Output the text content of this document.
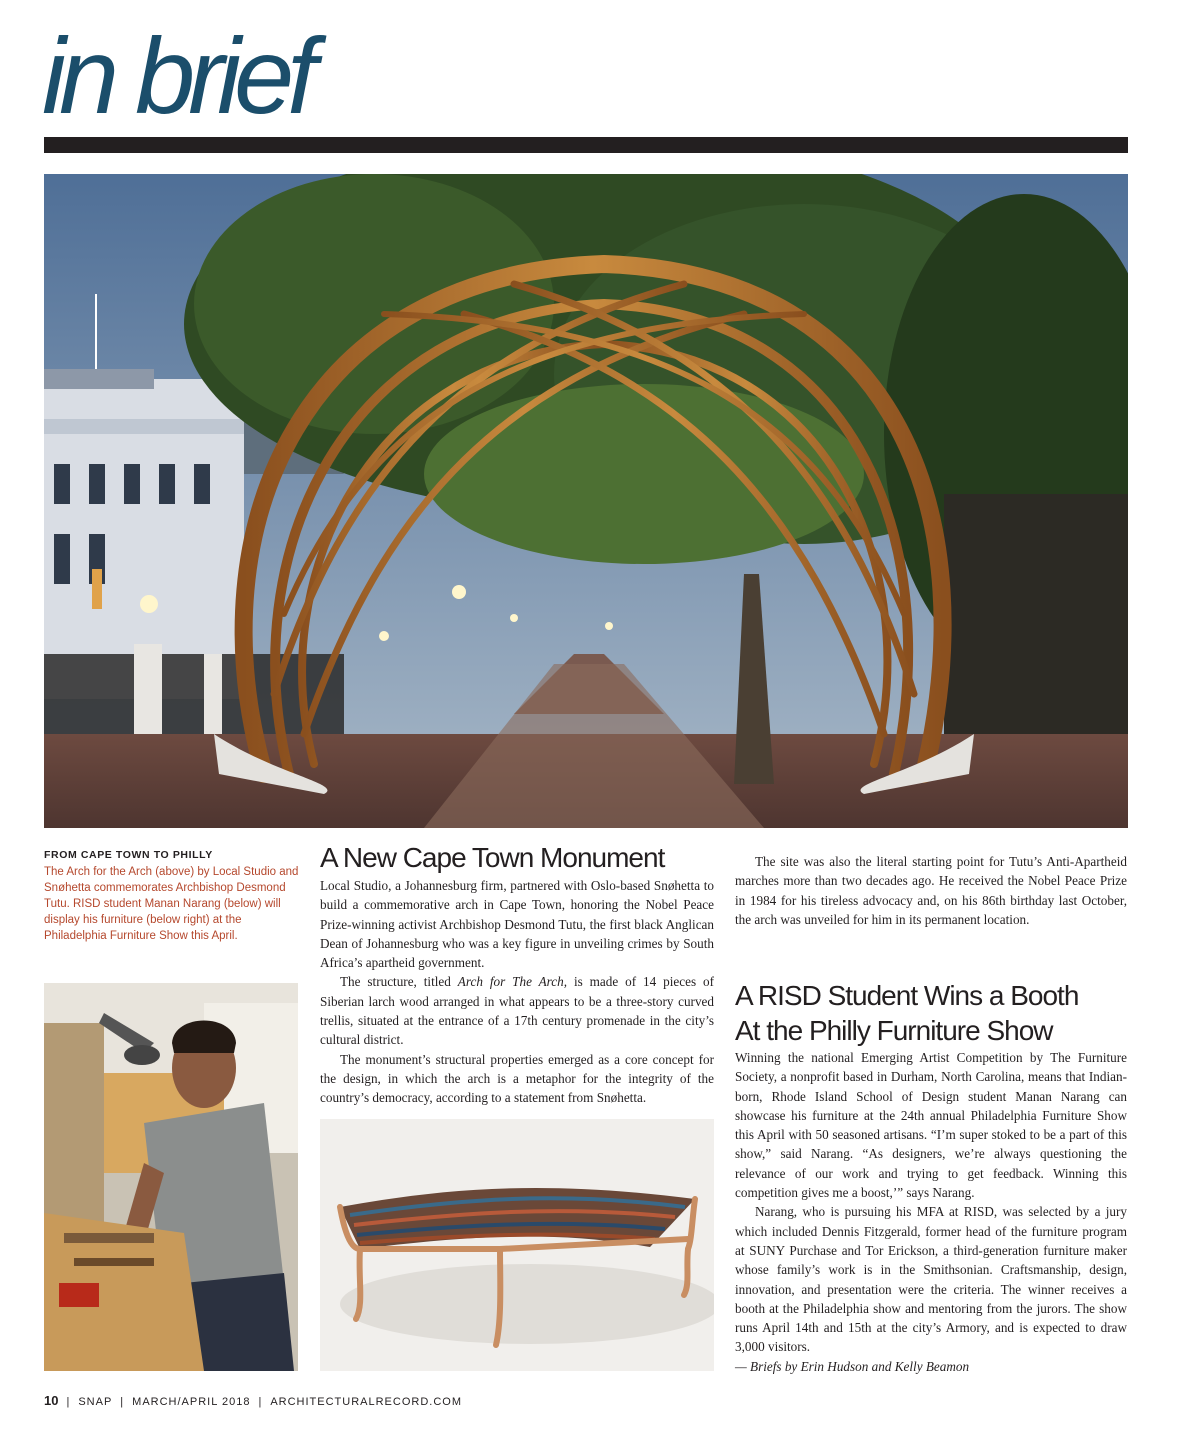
in brief
FROM CAPE TOWN TO PHILLY
The Arch for the Arch (above) by Local Studio and Snøhetta commemorates Archbishop Desmond Tutu. RISD student Manan Narang (below) will display his furniture (below right) at the Philadelphia Furniture Show this April.
A New Cape Town Monument

Local Studio, a Johannesburg firm, partnered with Oslo-based Snøhetta to build a commemorative arch in Cape Town, honoring the Nobel Peace Prize-winning activist Archbishop Desmond Tutu, the first black Anglican Dean of Johannesburg who was a key figure in unveiling crimes by South Africa’s apartheid government.

The structure, titled Arch for The Arch, is made of 14 pieces of Siberian larch wood arranged in what appears to be a three-story curved trellis, situated at the entrance of a 17th century promenade in the city’s cultural district.

The monument’s structural properties emerged as a core concept for the design, in which the arch is a metaphor for the integrity of the country’s democracy, according to a statement from Snøhetta.

The site was also the literal starting point for Tutu’s Anti-Apartheid marches more than two decades ago. He received the Nobel Peace Prize in 1984 for his tireless advocacy and, on his 86th birthday last October, the arch was unveiled for him in its permanent location.

A RISD Student Wins a Booth
At the Philly Furniture Show

Winning the national Emerging Artist Competition by The Furniture Society, a nonprofit based in Durham, North Carolina, means that Indian-born, Rhode Island School of Design student Manan Narang can showcase his furniture at the 24th annual Philadelphia Furniture Show this April with 50 seasoned artisans. “I’m super stoked to be a part of this show,” said Narang. “As designers, we’re always questioning the relevance of our work and trying to get feedback. Winning this competition gives me a boost,’” says Narang.

Narang, who is pursuing his MFA at RISD, was selected by a jury which included Dennis Fitzgerald, former head of the furniture program at SUNY Purchase and Tor Erickson, a third-generation furniture maker whose family’s work is in the Smithsonian. Craftsmanship, design, innovation, and presentation were the criteria. The winner receives a booth at the Philadelphia show and mentoring from the jurors. The show runs April 14th and 15th at the city’s Armory, and is expected to draw 3,000 visitors.

— Briefs by Erin Hudson and Kelly Beamon
10 | SNAP | MARCH/APRIL 2018 | ARCHITECTURALRECORD.COM
